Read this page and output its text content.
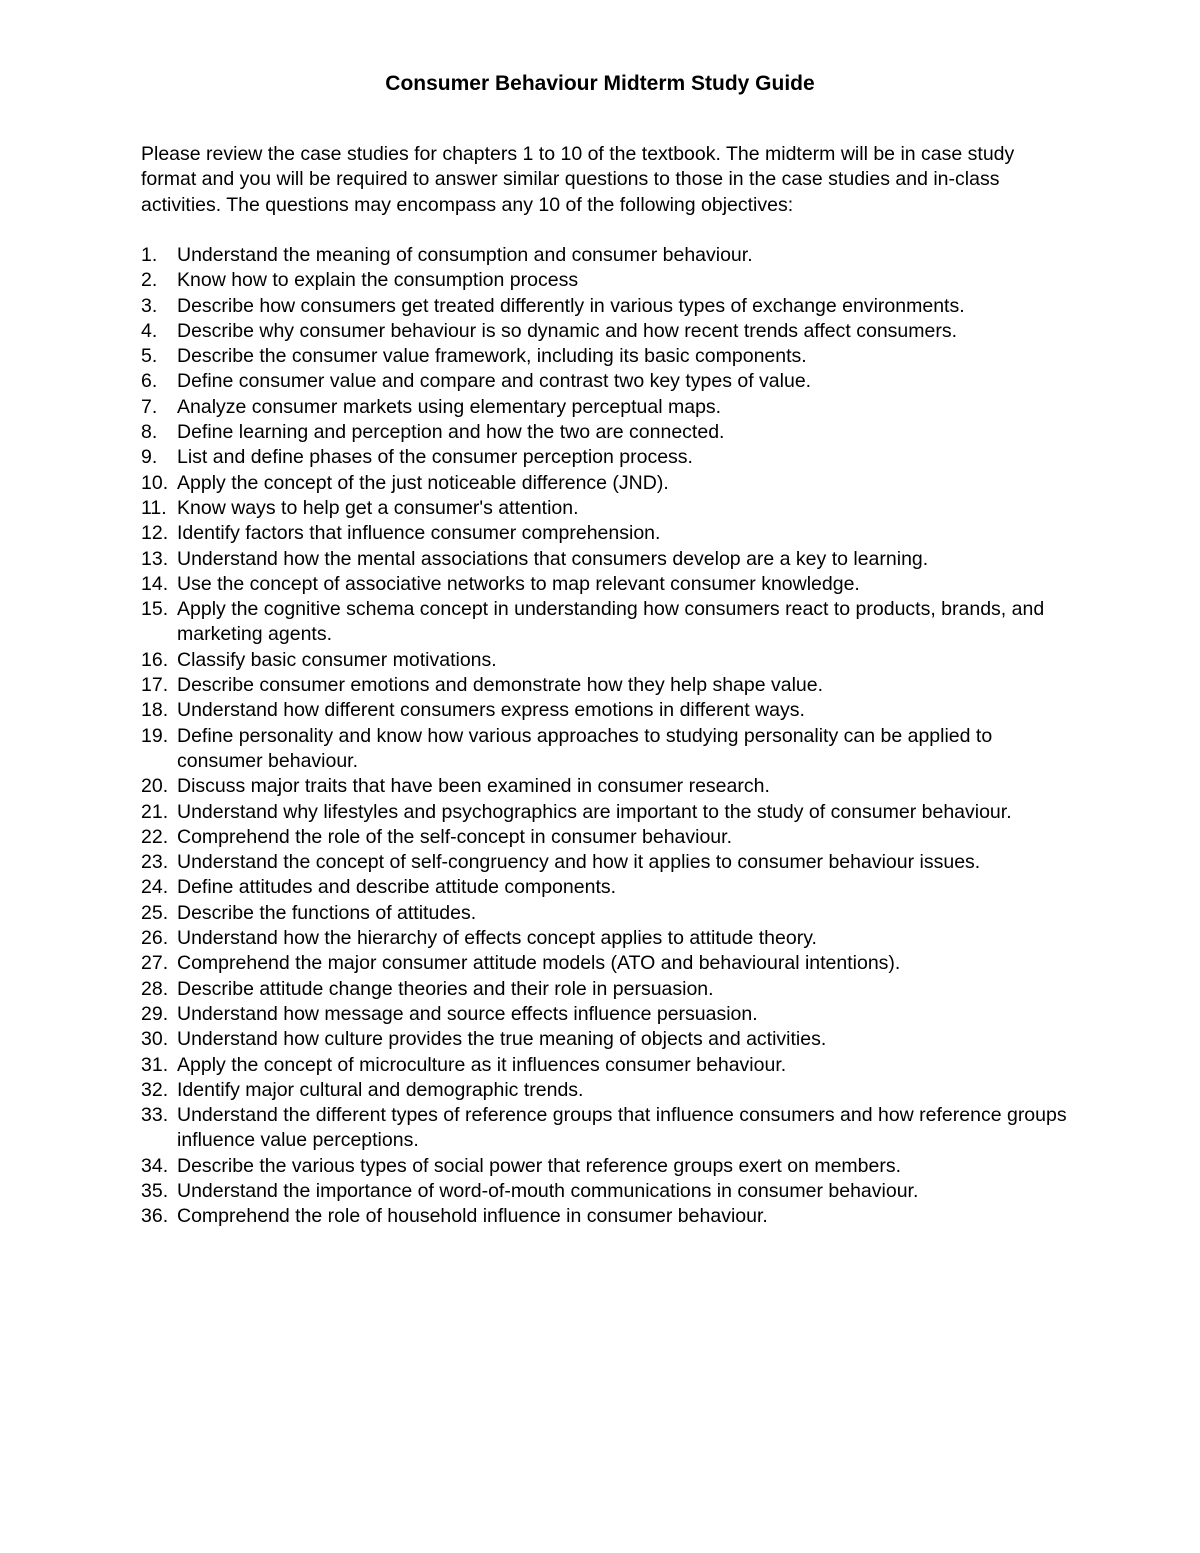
Consumer Behaviour Midterm Study Guide

Please review the case studies for chapters 1 to 10 of the textbook. The midterm will be in case study format and you will be required to answer similar questions to those in the case studies and in-class activities. The questions may encompass any 10 of the following objectives:

1.	Understand the meaning of consumption and consumer behaviour.
2.	Know how to explain the consumption process
3.	Describe how consumers get treated differently in various types of exchange environments.
4.	Describe why consumer behaviour is so dynamic and how recent trends affect consumers.
5.	Describe the consumer value framework, including its basic components.
6.	Define consumer value and compare and contrast two key types of value.
7.	Analyze consumer markets using elementary perceptual maps.
8.	Define learning and perception and how the two are connected.
9.	List and define phases of the consumer perception process.
10. Apply the concept of the just noticeable difference (JND).
11. Know ways to help get a consumer's attention.
12. Identify factors that influence consumer comprehension.
13. Understand how the mental associations that consumers develop are a key to learning.
14. Use the concept of associative networks to map relevant consumer knowledge.
15. Apply the cognitive schema concept in understanding how consumers react to products, brands, and marketing agents.
16. Classify basic consumer motivations.
17. Describe consumer emotions and demonstrate how they help shape value.
18. Understand how different consumers express emotions in different ways.
19. Define personality and know how various approaches to studying personality can be applied to consumer behaviour.
20. Discuss major traits that have been examined in consumer research.
21. Understand why lifestyles and psychographics are important to the study of consumer behaviour.
22. Comprehend the role of the self-concept in consumer behaviour.
23. Understand the concept of self-congruency and how it applies to consumer behaviour issues.
24. Define attitudes and describe attitude components.
25. Describe the functions of attitudes.
26. Understand how the hierarchy of effects concept applies to attitude theory.
27. Comprehend the major consumer attitude models (ATO and behavioural intentions).
28. Describe attitude change theories and their role in persuasion.
29. Understand how message and source effects influence persuasion.
30. Understand how culture provides the true meaning of objects and activities.
31. Apply the concept of microculture as it influences consumer behaviour.
32. Identify major cultural and demographic trends.
33. Understand the different types of reference groups that influence consumers and how reference groups influence value perceptions.
34. Describe the various types of social power that reference groups exert on members.
35. Understand the importance of word-of-mouth communications in consumer behaviour.
36. Comprehend the role of household influence in consumer behaviour.
